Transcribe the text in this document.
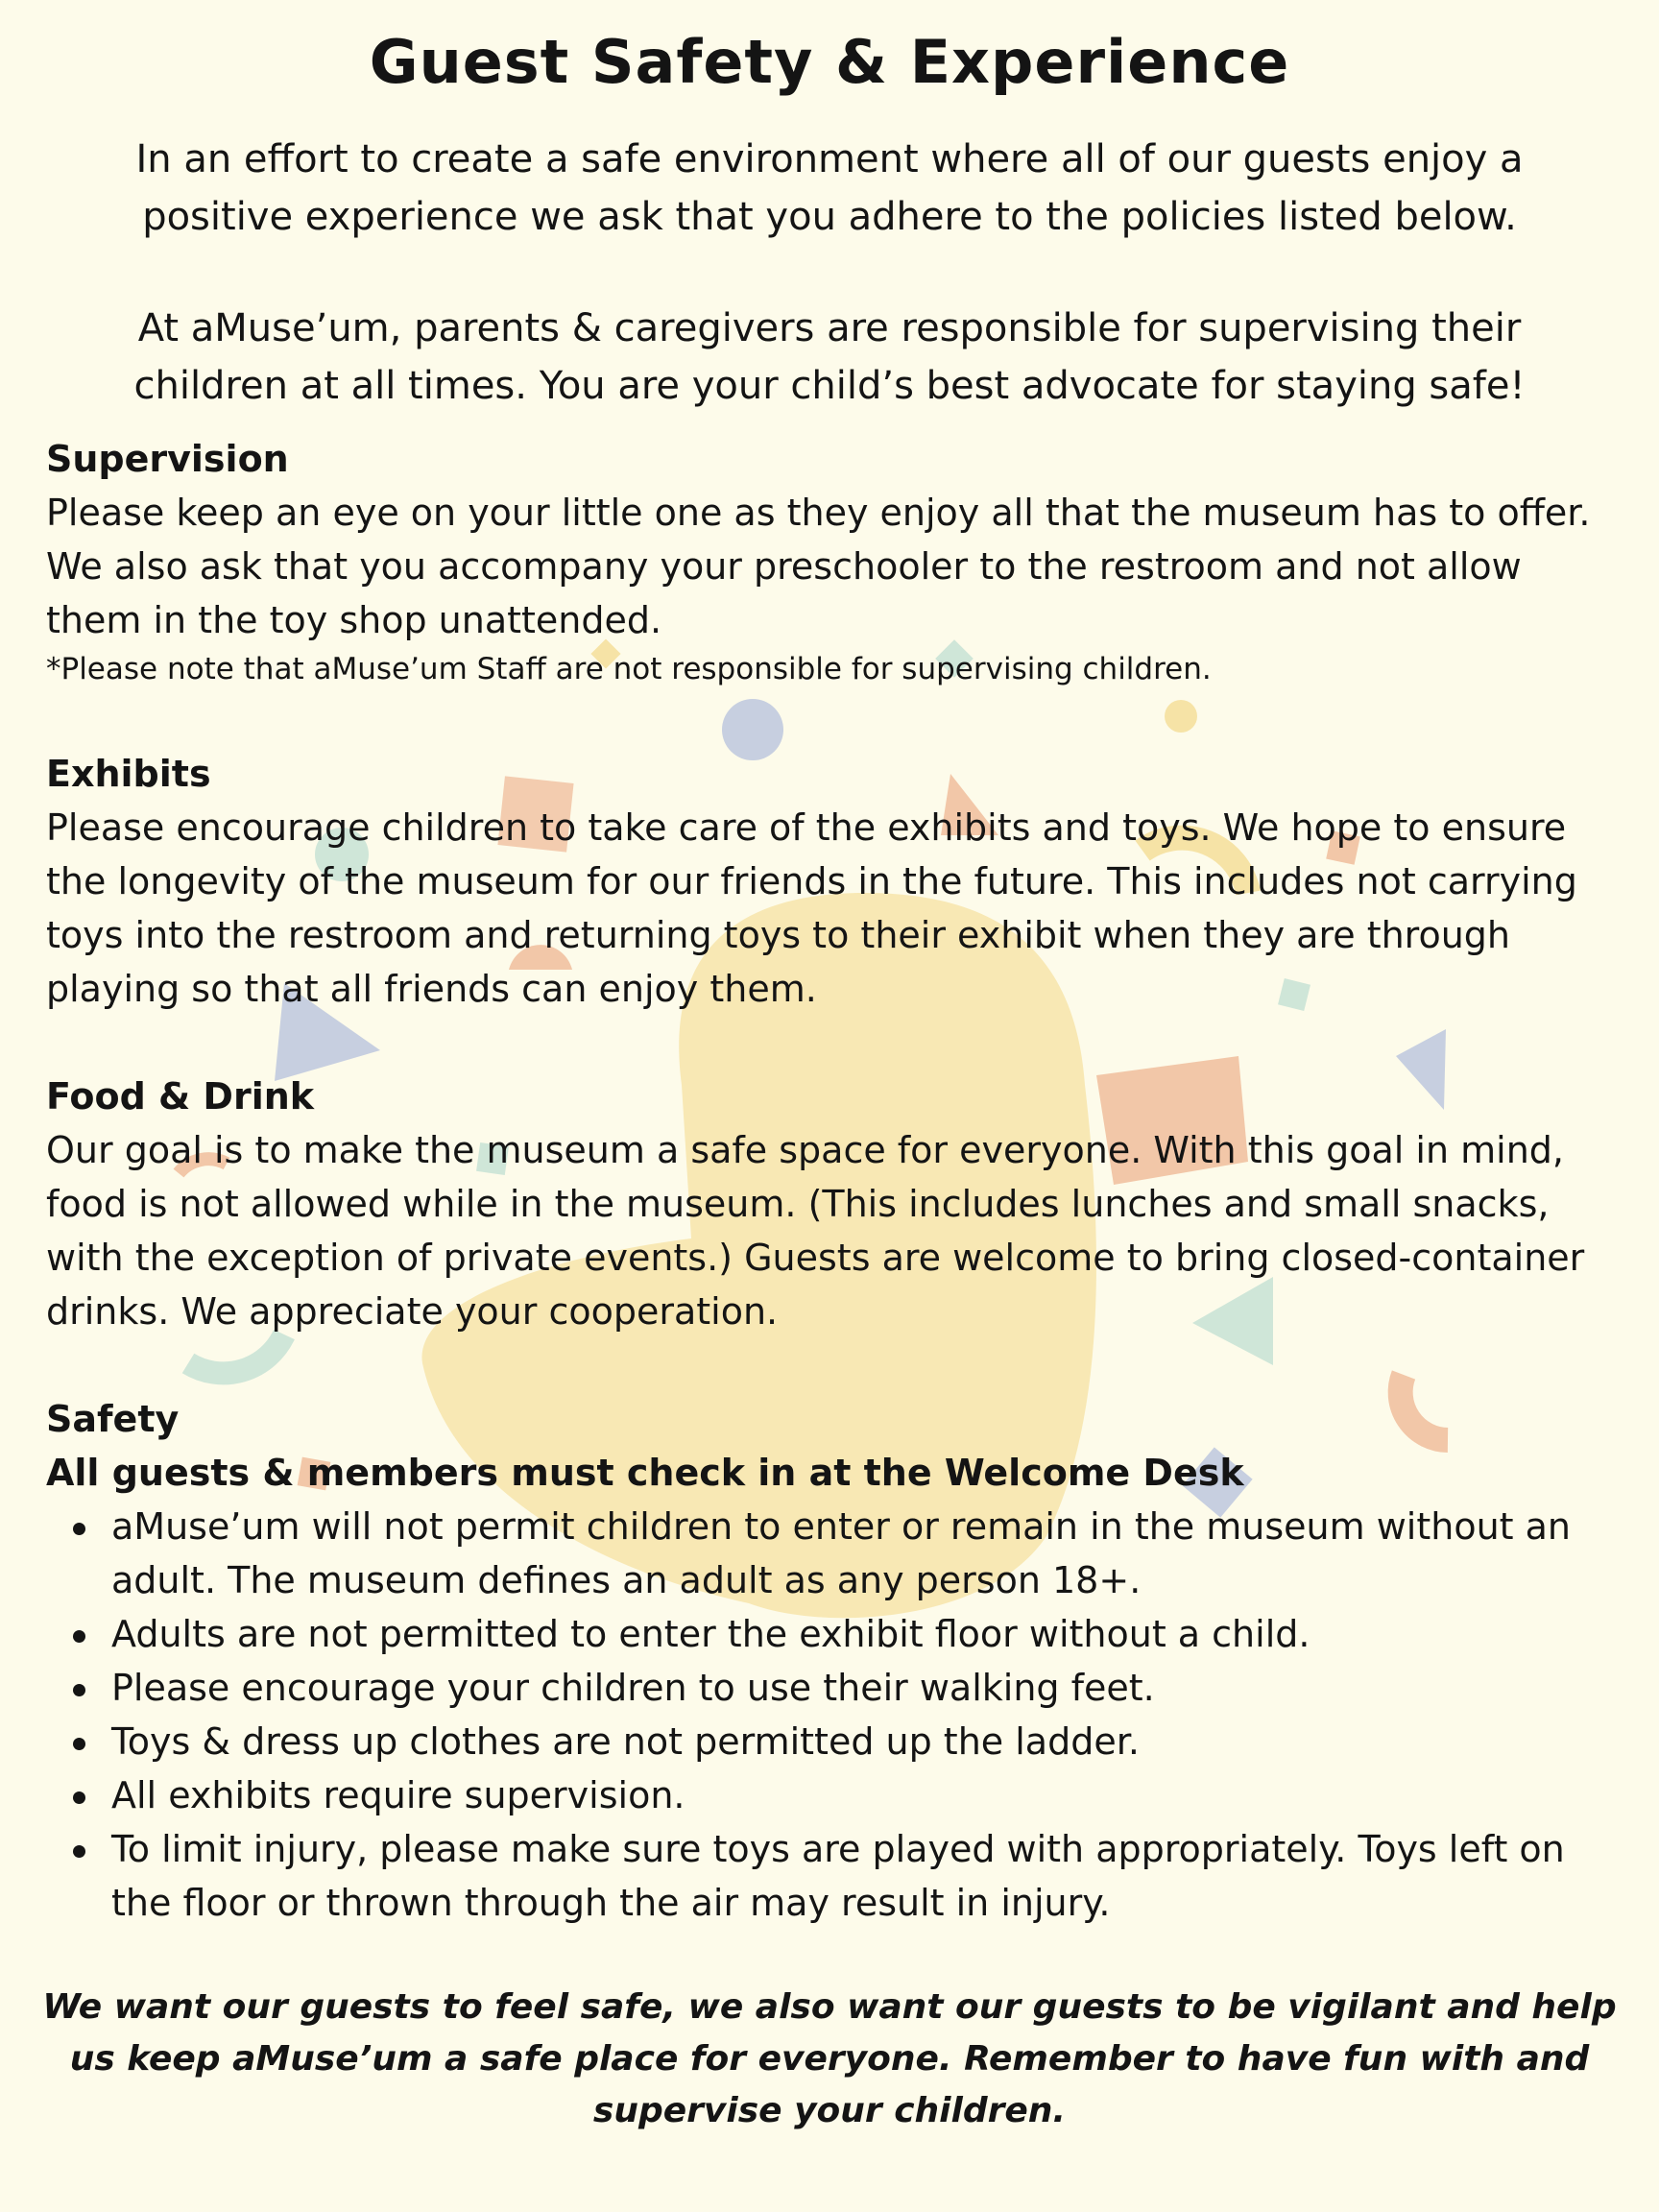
Guest Safety & Experience

In an effort to create a safe environment where all of our guests enjoy a positive experience we ask that you adhere to the policies listed below.

At aMuse’um, parents & caregivers are responsible for supervising their children at all times. You are your child’s best advocate for staying safe!

Supervision

Please keep an eye on your little one as they enjoy all that the museum has to offer. We also ask that you accompany your preschooler to the restroom and not allow them in the toy shop unattended.

*Please note that aMuse’um Staff are not responsible for supervising children.

Exhibits

Please encourage children to take care of the exhibits and toys. We hope to ensure the longevity of the museum for our friends in the future. This includes not carrying toys into the restroom and returning toys to their exhibit when they are through playing so that all friends can enjoy them.

Food & Drink

Our goal is to make the museum a safe space for everyone. With this goal in mind, food is not allowed while in the museum. (This includes lunches and small snacks, with the exception of private events.) Guests are welcome to bring closed-container drinks. We appreciate your cooperation.

Safety
All guests & members must check in at the Welcome Desk
aMuse’um will not permit children to enter or remain in the museum without an adult. The museum defines an adult as any person 18+.
Adults are not permitted to enter the exhibit floor without a child.
Please encourage your children to use their walking feet.
Toys & dress up clothes are not permitted up the ladder.
All exhibits require supervision.
To limit injury, please make sure toys are played with appropriately. Toys left on the floor or thrown through the air may result in injury.

We want our guests to feel safe, we also want our guests to be vigilant and help us keep aMuse’um a safe place for everyone. Remember to have fun with and supervise your children.
